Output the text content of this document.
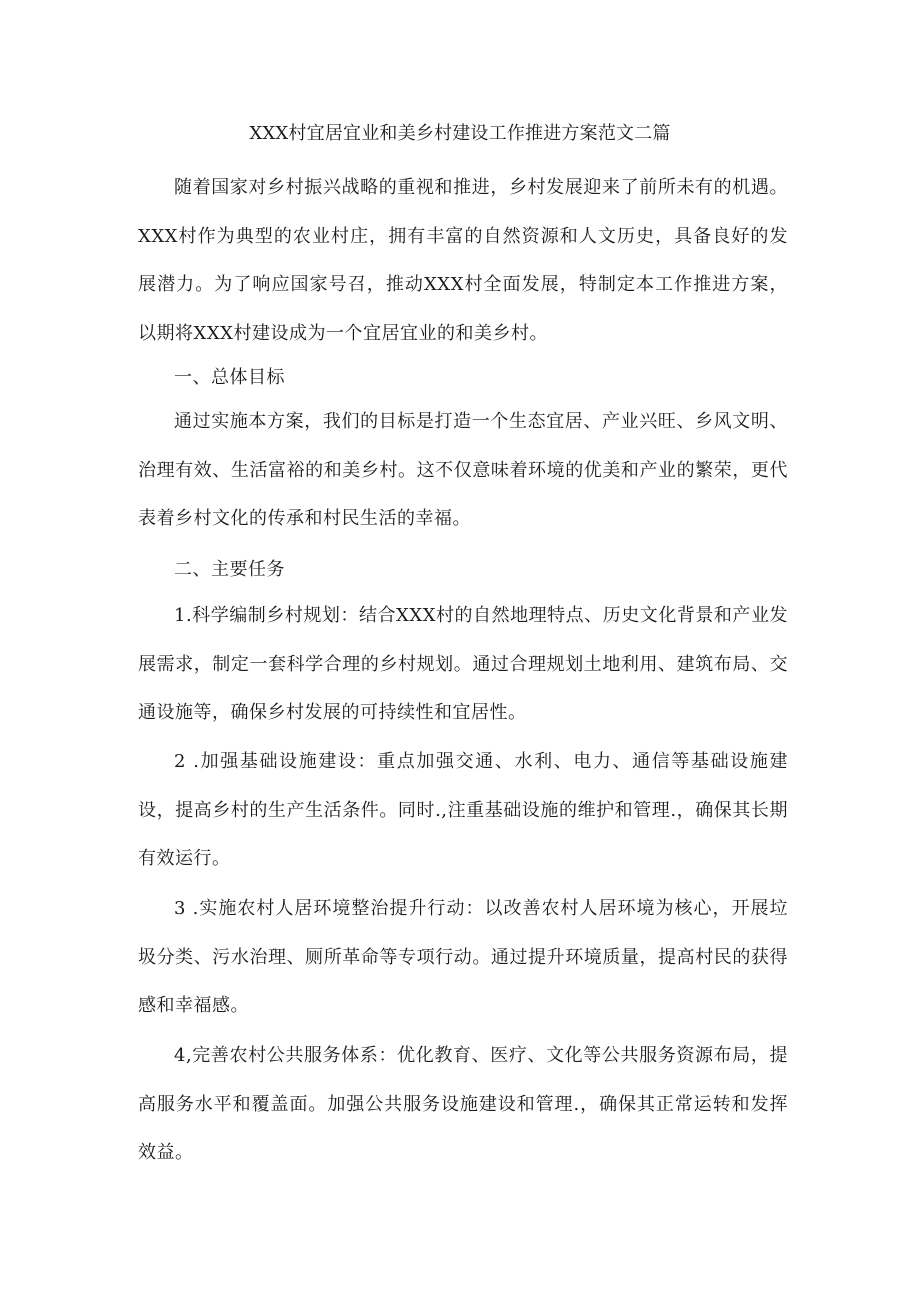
XXX村宜居宜业和美乡村建设工作推进方案范文二篇

随着国家对乡村振兴战略的重视和推进，乡村发展迎来了前所未有的机遇。XXX村作为典型的农业村庄，拥有丰富的自然资源和人文历史，具备良好的发展潜力。为了响应国家号召，推动XXX村全面发展，特制定本工作推进方案，以期将XXX村建设成为一个宜居宜业的和美乡村。

一、总体目标

通过实施本方案，我们的目标是打造一个生态宜居、产业兴旺、乡风文明、治理有效、生活富裕的和美乡村。这不仅意味着环境的优美和产业的繁荣，更代表着乡村文化的传承和村民生活的幸福。

二、主要任务

1.科学编制乡村规划：结合XXX村的自然地理特点、历史文化背景和产业发展需求，制定一套科学合理的乡村规划。通过合理规划土地利用、建筑布局、交通设施等，确保乡村发展的可持续性和宜居性。

2 .加强基础设施建设：重点加强交通、水利、电力、通信等基础设施建设，提高乡村的生产生活条件。同时.,注重基础设施的维护和管理.，确保其长期有效运行。

3 .实施农村人居环境整治提升行动：以改善农村人居环境为核心，开展垃圾分类、污水治理、厕所革命等专项行动。通过提升环境质量，提高村民的获得感和幸福感。

4,完善农村公共服务体系：优化教育、医疗、文化等公共服务资源布局，提高服务水平和覆盖面。加强公共服务设施建设和管理.，确保其正常运转和发挥效益。
